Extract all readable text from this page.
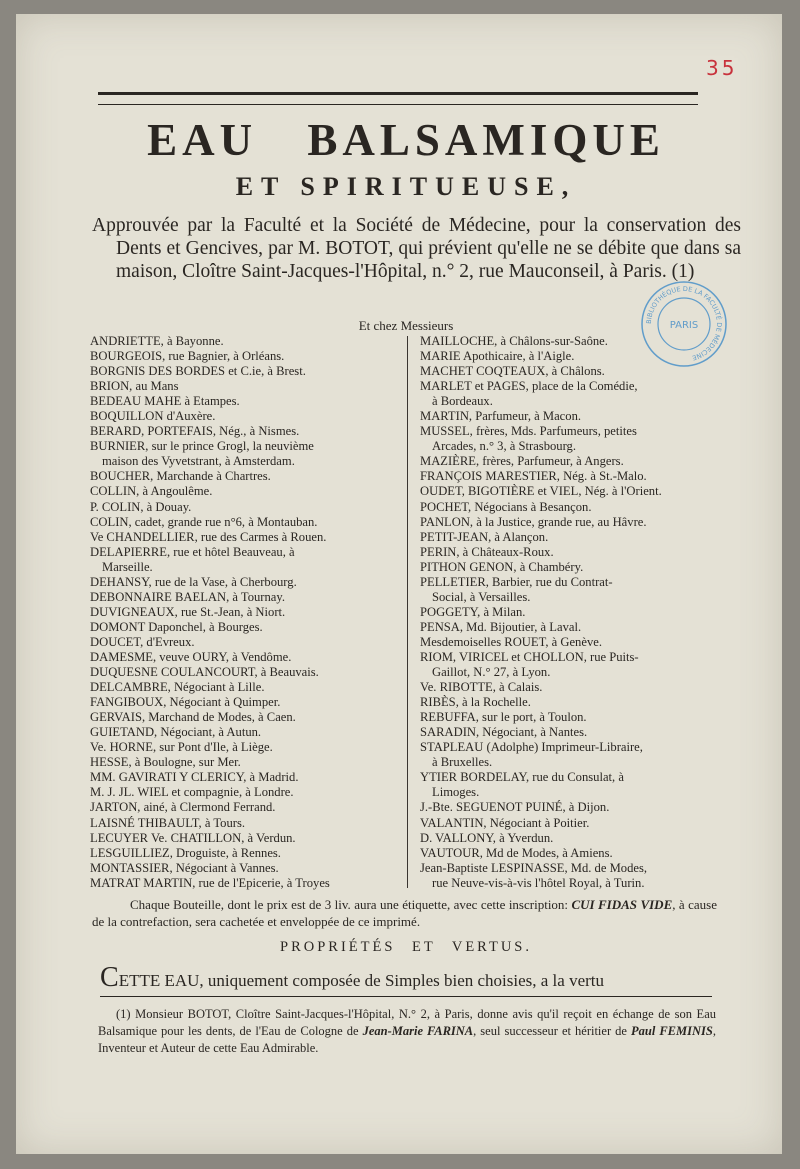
35
EAU BALSAMIQUE
ET SPIRITUEUSE,
Approuvée par la Faculté et la Société de Médecine, pour la conservation des Dents et Gencives, par M. BOTOT, qui prévient qu'elle ne se débite que dans sa maison, Cloître Saint-Jacques-l'Hôpital, n.° 2, rue Mauconseil, à Paris. (1)
BIBLIOTHÈQUE DE LA FACULTÉ DE MÉDECINE
PARIS
Et chez Messieurs
ANDRIETTE, à Bayonne.
BOURGEOIS, rue Bagnier, à Orléans.
BORGNIS DES BORDES et C.ie, à Brest.
BRION, au Mans
BEDEAU MAHE à Etampes.
BOQUILLON d'Auxère.
BERARD, PORTEFAIS, Nég., à Nismes.
BURNIER, sur le prince Grogl, la neuvième
maison des Vyvetstrant, à Amsterdam.
BOUCHER, Marchande à Chartres.
COLLIN, à Angoulême.
P. COLIN, à Douay.
COLIN, cadet, grande rue n°6, à Montauban.
Ve CHANDELLIER, rue des Carmes à Rouen.
DELAPIERRE, rue et hôtel Beauveau, à
Marseille.
DEHANSY, rue de la Vase, à Cherbourg.
DEBONNAIRE BAELAN, à Tournay.
DUVIGNEAUX, rue St.-Jean, à Niort.
DOMONT Daponchel, à Bourges.
DOUCET, d'Evreux.
DAMESME, veuve OURY, à Vendôme.
DUQUESNE COULANCOURT, à Beauvais.
DELCAMBRE, Négociant à Lille.
FANGIBOUX, Négociant à Quimper.
GERVAIS, Marchand de Modes, à Caen.
GUIETAND, Négociant, à Autun.
Ve. HORNE, sur Pont d'Ile, à Liège.
HESSE, à Boulogne, sur Mer.
MM. GAVIRATI Y CLERICY, à Madrid.
M. J. JL. WIEL et compagnie, à Londre.
JARTON, ainé, à Clermond Ferrand.
LAISNÉ THIBAULT, à Tours.
LECUYER Ve. CHATILLON, à Verdun.
LESGUILLIEZ, Droguiste, à Rennes.
MONTASSIER, Négociant à Vannes.
MATRAT MARTIN, rue de l'Epicerie, à Troyes
MAILLOCHE, à Châlons-sur-Saône.
MARIE Apothicaire, à l'Aigle.
MACHET COQTEAUX, à Châlons.
MARLET et PAGES, place de la Comédie,
à Bordeaux.
MARTIN, Parfumeur, à Macon.
MUSSEL, frères, Mds. Parfumeurs, petites
Arcades, n.° 3, à Strasbourg.
MAZIÈRE, frères, Parfumeur, à Angers.
FRANÇOIS MARESTIER, Nég. à St.-Malo.
OUDET, BIGOTIÈRE et VIEL, Nég. à l'Orient.
POCHET, Négocians à Besançon.
PANLON, à la Justice, grande rue, au Hâvre.
PETIT-JEAN, à Alançon.
PERIN, à Châteaux-Roux.
PITHON GENON, à Chambéry.
PELLETIER, Barbier, rue du Contrat-
Social, à Versailles.
POGGETY, à Milan.
PENSA, Md. Bijoutier, à Laval.
Mesdemoiselles ROUET, à Genève.
RIOM, VIRICEL et CHOLLON, rue Puits-
Gaillot, N.° 27, à Lyon.
Ve. RIBOTTE, à Calais.
RIBÈS, à la Rochelle.
REBUFFA, sur le port, à Toulon.
SARADIN, Négociant, à Nantes.
STAPLEAU (Adolphe) Imprimeur-Libraire,
à Bruxelles.
YTIER BORDELAY, rue du Consulat, à
Limoges.
J.-Bte. SEGUENOT PUINÉ, à Dijon.
VALANTIN, Négociant à Poitier.
D. VALLONY, à Yverdun.
VAUTOUR, Md de Modes, à Amiens.
Jean-Baptiste LESPINASSE, Md. de Modes,
rue Neuve-vis-à-vis l'hôtel Royal, à Turin.
Chaque Bouteille, dont le prix est de 3 liv. aura une étiquette, avec cette inscription: CUI FIDAS VIDE, à cause de la contrefaction, sera cachetée et enveloppée de ce imprimé.
PROPRIÉTÉS ET VERTUS.
CETTE EAU, uniquement composée de Simples bien choisies, a la vertu
(1) Monsieur BOTOT, Cloître Saint-Jacques-l'Hôpital, N.° 2, à Paris, donne avis qu'il reçoit en échange de son Eau Balsamique pour les dents, de l'Eau de Cologne de Jean-Marie FARINA, seul successeur et héritier de Paul FEMINIS, Inventeur et Auteur de cette Eau Admirable.
